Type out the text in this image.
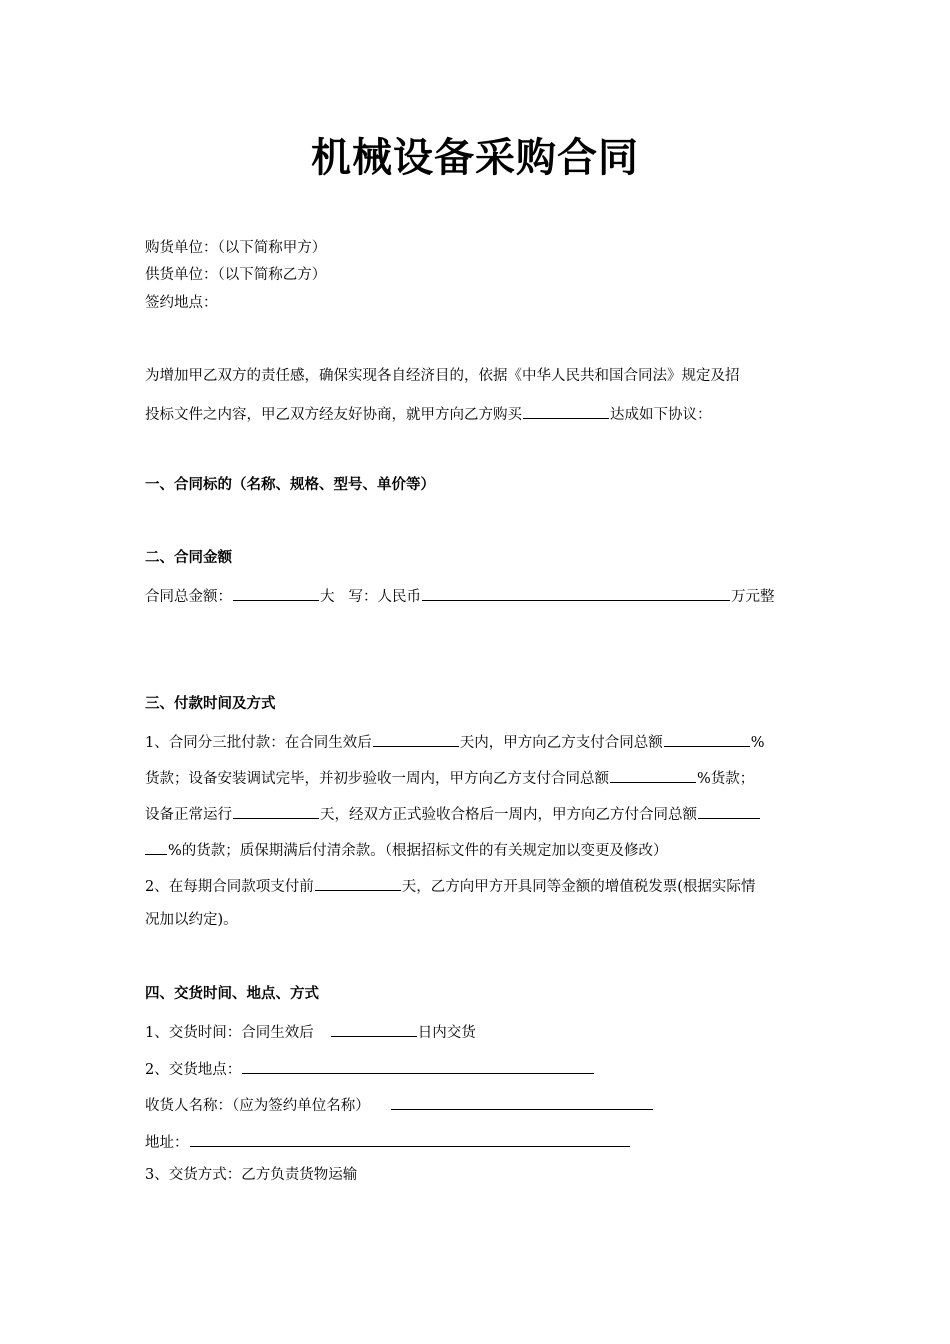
机械设备采购合同
购货单位：（以下简称甲方）
供货单位：（以下简称乙方）
签约地点：
为增加甲乙双方的责任感，确保实现各自经济目的，依据《中华人民共和国合同法》规定及招
投标文件之内容，甲乙双方经友好协商，就甲方向乙方购买	达成如下协议：
一、合同标的（名称、规格、型号、单价等）
二、合同金额
合同总金额：	大 写：人民币	万元整
三、付款时间及方式
1、合同分三批付款：在合同生效后	天内，甲方向乙方支付合同总额	%
货款；设备安装调试完毕，并初步验收一周内，甲方向乙方支付合同总额	%货款；
设备正常运行	天，经双方正式验收合格后一周内，甲方向乙方付合同总额
%的货款；质保期满后付清余款。（根据招标文件的有关规定加以变更及修改）
2、在每期合同款项支付前	天，乙方向甲方开具同等金额的增值税发票(根据实际情
况加以约定)。
四、交货时间、地点、方式
1、交货时间：合同生效后	日内交货
2、交货地点：
收货人名称：（应为签约单位名称）
地址：
3、交货方式：乙方负责货物运输
